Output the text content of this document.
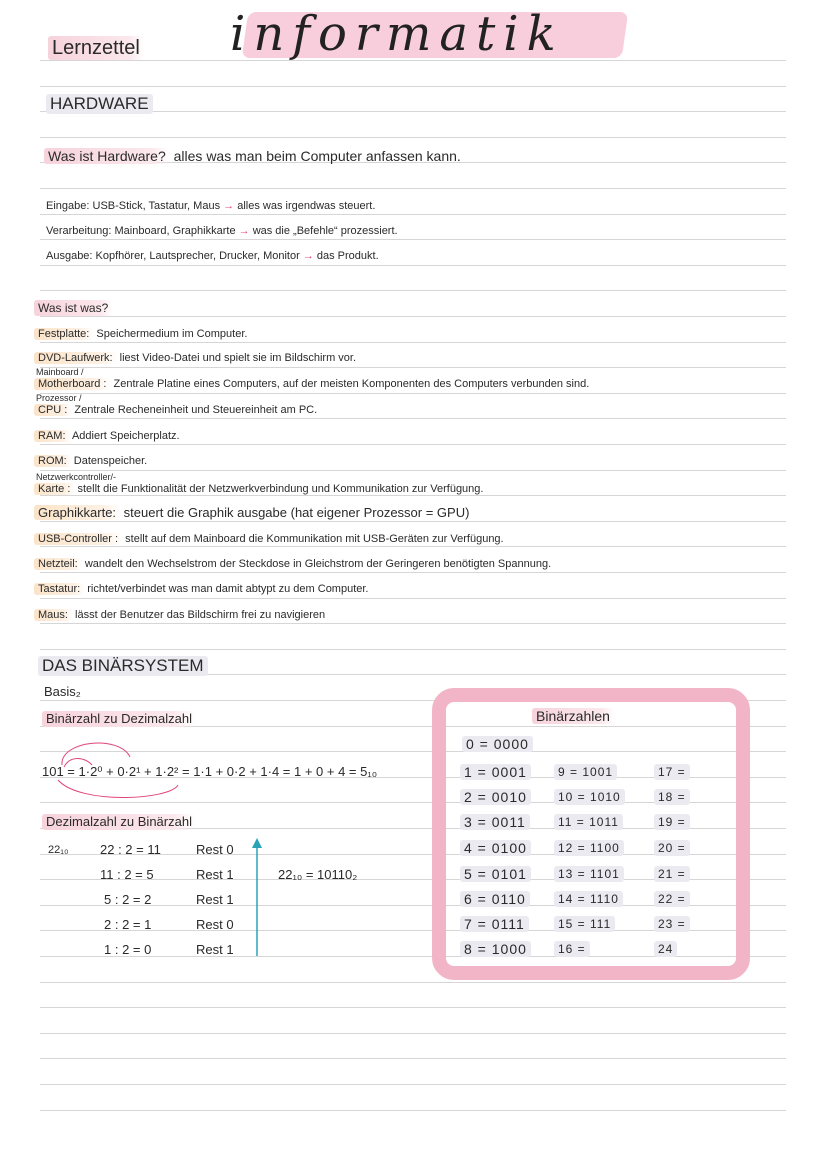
Lernzettel informatik
HARDWARE
Was ist Hardware? alles was man beim Computer anfassen kann.
Eingabe: USB-Stick, Tastatur, Maus → alles was irgendwas steuert.
Verarbeitung: Mainboard, Graphikkarte → was die „Befehle“ prozessiert.
Ausgabe: Kopfhörer, Lautsprecher, Drucker, Monitor → das Produkt.
Was ist was?
Festplatte: Speichermedium im Computer.
DVD-Laufwerk: liest Video-Datei und spielt sie im Bildschirm vor.
Mainboard /
Motherboard : Zentrale Platine eines Computers, auf der meisten Komponenten des Computers verbunden sind.
Prozessor /
CPU : Zentrale Recheneinheit und Steuereinheit am PC.
RAM: Addiert Speicherplatz.
ROM: Datenspeicher.
Netzwerkcontroller/-
Karte : stellt die Funktionalität der Netzwerkverbindung und Kommunikation zur Verfügung.
Graphikkarte: steuert die Graphik ausgabe (hat eigener Prozessor = GPU)
USB-Controller : stellt auf dem Mainboard die Kommunikation mit USB-Geräten zur Verfügung.
Netzteil: wandelt den Wechselstrom der Steckdose in Gleichstrom der Geringeren benötigten Spannung.
Tastatur: richtet/verbindet was man damit abtypt zu dem Computer.
Maus: lässt der Benutzer das Bildschirm frei zu navigieren
DAS BINÄRSYSTEM
Basis₂
Binärzahl zu Dezimalzahl
101 = 1·2⁰ + 0·2¹ + 1·2² = 1·1 + 0·2 + 1·4 = 1 + 0 + 4 = 5₁₀
Dezimalzahl zu Binärzahl
22₁₀ 22 : 2 = 11	Rest 0
11 : 2 = 5	Rest 1
5 : 2 = 2	Rest 1
2 : 2 = 1	Rest 0
1 : 2 = 0	Rest 1
22₁₀ = 10110₂
Binärzahlen
0 = 0000
1 = 0001	9 = 1001	17 =
2 = 0010	10 = 1010	18 =
3 = 0011	11 = 1011	19 =
4 = 0100	12 = 1100	20 =
5 = 0101	13 = 1101	21 =
6 = 0110	14 = 1110	22 =
7 = 0111	15 = 111	23 =
8 = 1000	16 =	24
